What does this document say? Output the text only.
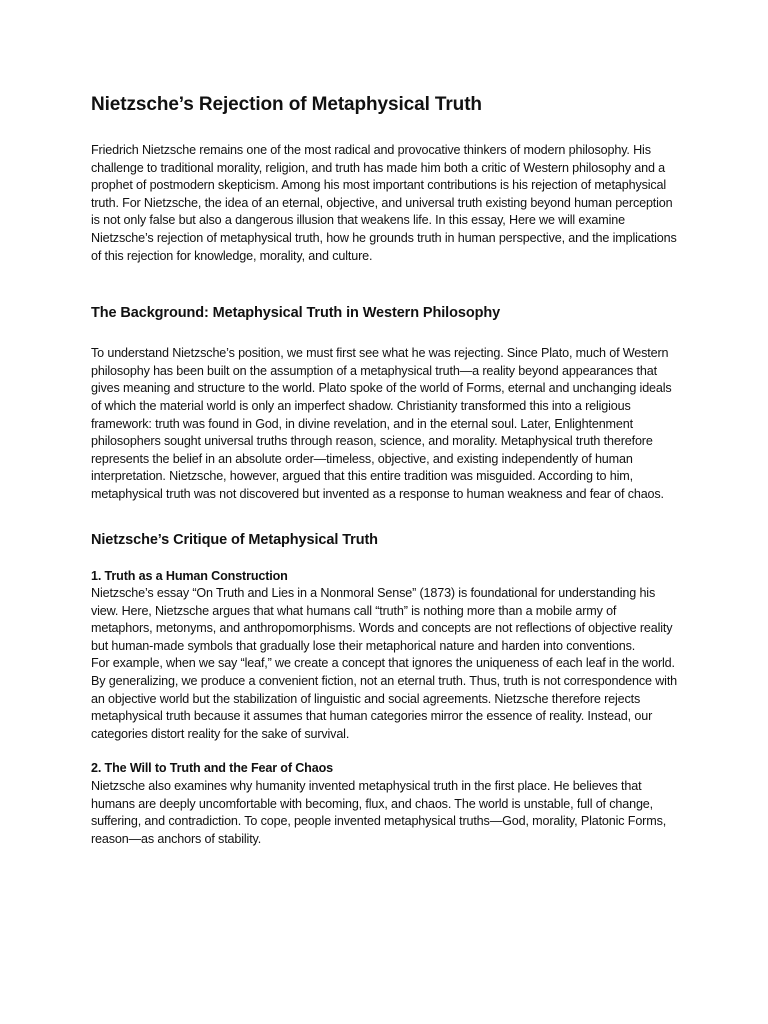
Nietzsche’s Rejection of Metaphysical Truth

Friedrich Nietzsche remains one of the most radical and provocative thinkers of modern philosophy. His challenge to traditional morality, religion, and truth has made him both a critic of Western philosophy and a prophet of postmodern skepticism. Among his most important contributions is his rejection of metaphysical truth. For Nietzsche, the idea of an eternal, objective, and universal truth existing beyond human perception is not only false but also a dangerous illusion that weakens life. In this essay, Here we will examine Nietzsche’s rejection of metaphysical truth, how he grounds truth in human perspective, and the implications of this rejection for knowledge, morality, and culture.

The Background: Metaphysical Truth in Western Philosophy

To understand Nietzsche’s position, we must first see what he was rejecting. Since Plato, much of Western philosophy has been built on the assumption of a metaphysical truth—a reality beyond appearances that gives meaning and structure to the world. Plato spoke of the world of Forms, eternal and unchanging ideals of which the material world is only an imperfect shadow. Christianity transformed this into a religious framework: truth was found in God, in divine revelation, and in the eternal soul. Later, Enlightenment philosophers sought universal truths through reason, science, and morality. Metaphysical truth therefore represents the belief in an absolute order—timeless, objective, and existing independently of human interpretation. Nietzsche, however, argued that this entire tradition was misguided. According to him, metaphysical truth was not discovered but invented as a response to human weakness and fear of chaos.

Nietzsche’s Critique of Metaphysical Truth
1. Truth as a Human Construction

Nietzsche’s essay “On Truth and Lies in a Nonmoral Sense” (1873) is foundational for understanding his view. Here, Nietzsche argues that what humans call “truth” is nothing more than a mobile army of metaphors, metonyms, and anthropomorphisms. Words and concepts are not reflections of objective reality but human-made symbols that gradually lose their metaphorical nature and harden into conventions.

For example, when we say “leaf,” we create a concept that ignores the uniqueness of each leaf in the world. By generalizing, we produce a convenient fiction, not an eternal truth. Thus, truth is not correspondence with an objective world but the stabilization of linguistic and social agreements. Nietzsche therefore rejects metaphysical truth because it assumes that human categories mirror the essence of reality. Instead, our categories distort reality for the sake of survival.

2. The Will to Truth and the Fear of Chaos

Nietzsche also examines why humanity invented metaphysical truth in the first place. He believes that humans are deeply uncomfortable with becoming, flux, and chaos. The world is unstable, full of change, suffering, and contradiction. To cope, people invented metaphysical truths—God, morality, Platonic Forms, reason—as anchors of stability.
